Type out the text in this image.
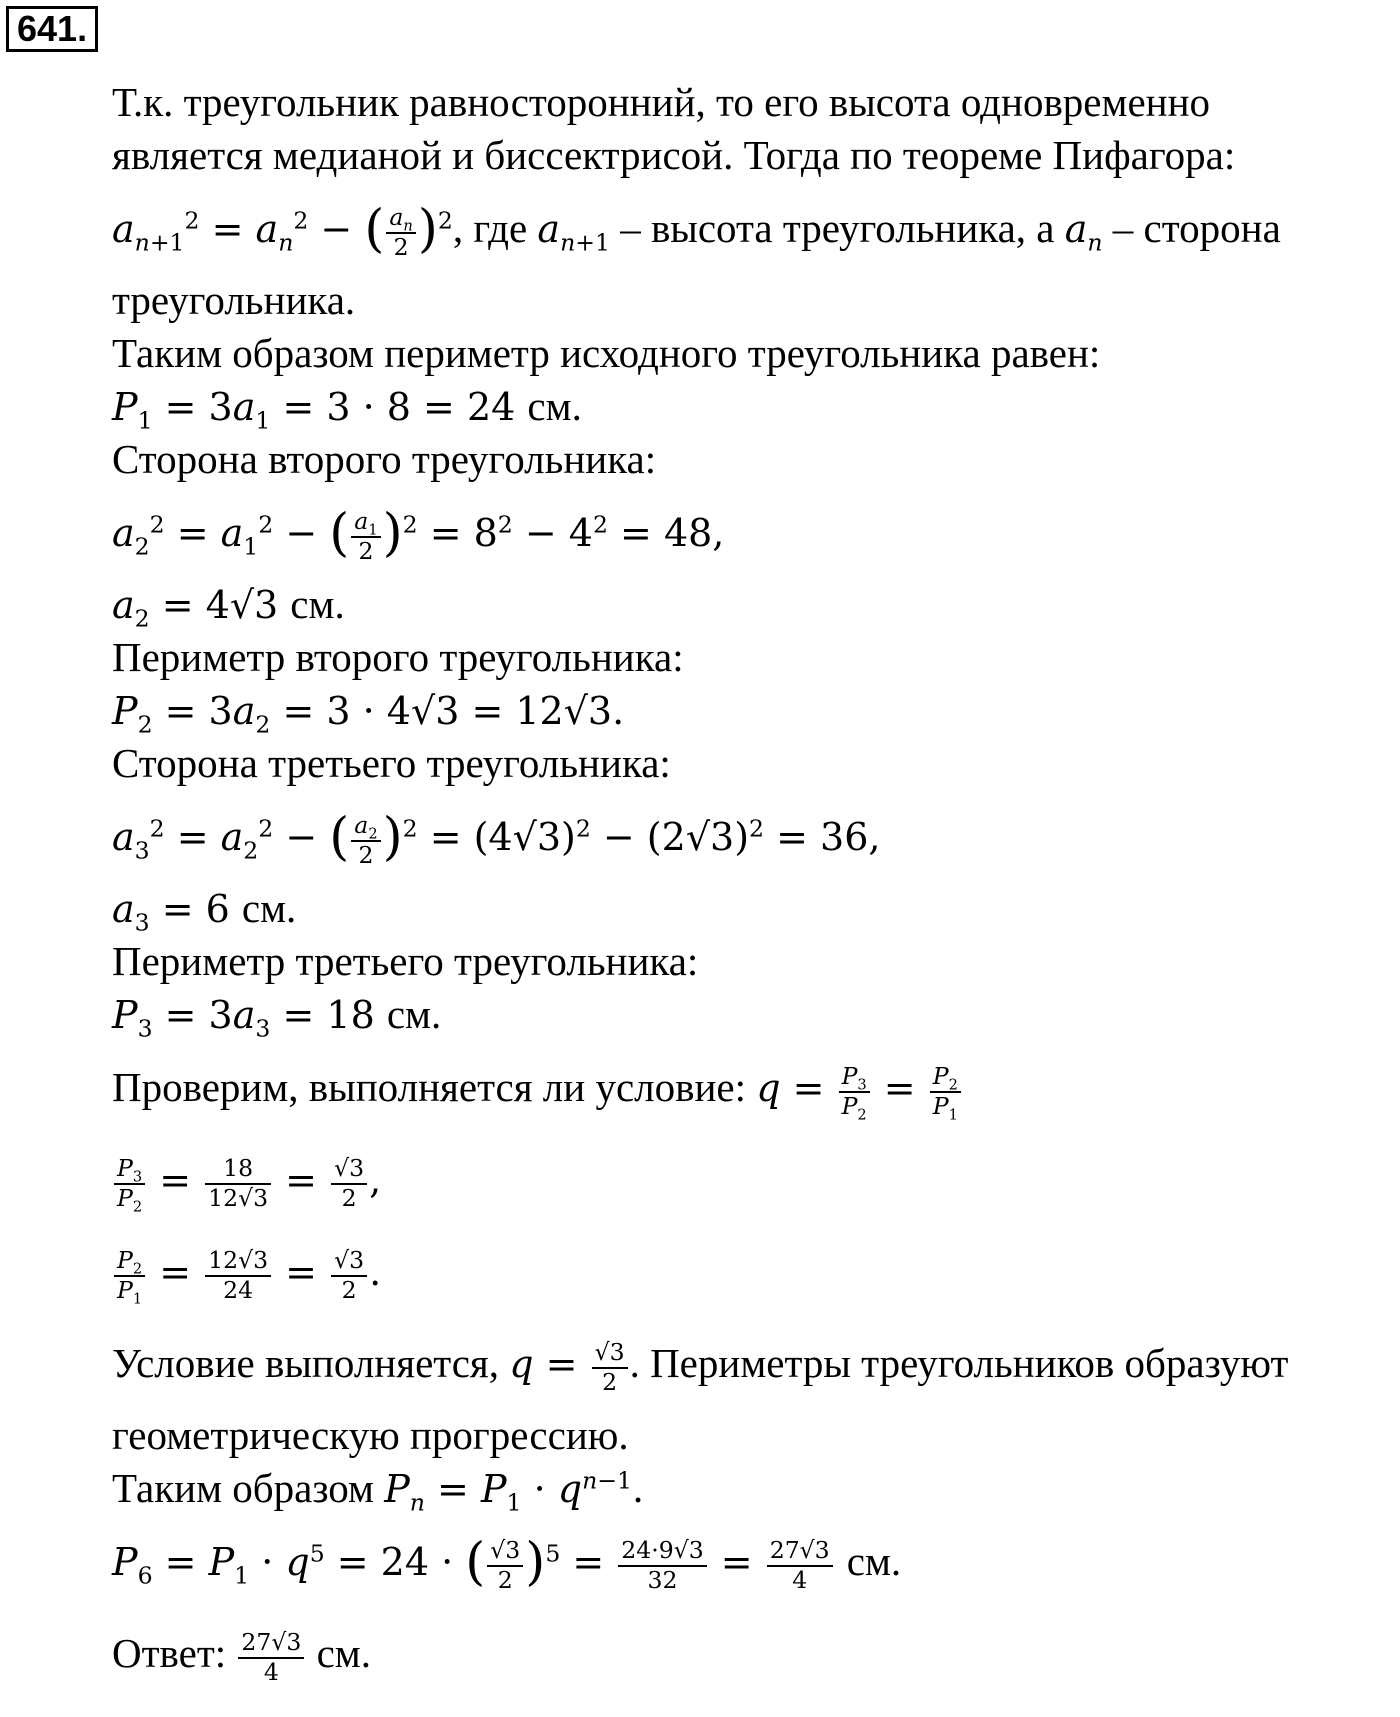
641.
Т.к. треугольник равносторонний, то его высота одновременно
является медианой и биссектрисой. Тогда по теореме Пифагора:
$a_{n+1}^2 = a_n^2$ − ( $\frac{a_n}{2} )^2$, где $a_{n+1}$ – высота треугольника, а $a_n$ – сторона
треугольника.
Таким образом периметр исходного треугольника равен:
$P_1 = 3a_1 = 3 \cdot 8 = 24$ см.
Сторона второго треугольника:
$a_2^2 = a_1^2$ − ( $\frac{a_1}{2} )^2 = 8^2 - 4^2 = 48$,
$a_2 = 4√3$ см.
Периметр второго треугольника:
$P_2 = 3a_2 = 3 \cdot 4√3 = 12√3$.
Сторона третьего треугольника:
$a_3^2 = a_2^2$ − ( $\frac{a_2}{2} )^2 = (4√3)^2 - (2√3)^2 = 36$,
$a_3 = 6$ см.
Периметр третьего треугольника:
$P_3 = 3a_3 = 18$ см.
Проверим, выполняется ли условие: $q = \frac{P_3}{P_2} = \frac{P_2}{P_1}$
$\frac{P_3}{P_2} = \frac{18}{12√3} = \frac{√3}{2}$ ,
$\frac{P_2}{P_1} = \frac{12√3}{24} = \frac{√3}{2}$ .
Условие выполняется, $q = \frac{√3}{2}$ . Периметры треугольников образуют
геометрическую прогрессию.
Таким образом $P_n = P_1 \cdot q^{n-1}$.
$P_6 = P_1 \cdot q^5 = 24$ · ( $\frac{√3}{2} )^5 = \frac{24\cdot 9√3}{32} = \frac{27√3}{4}$ см.
Ответ: $\frac{27√3}{4}$ см.
